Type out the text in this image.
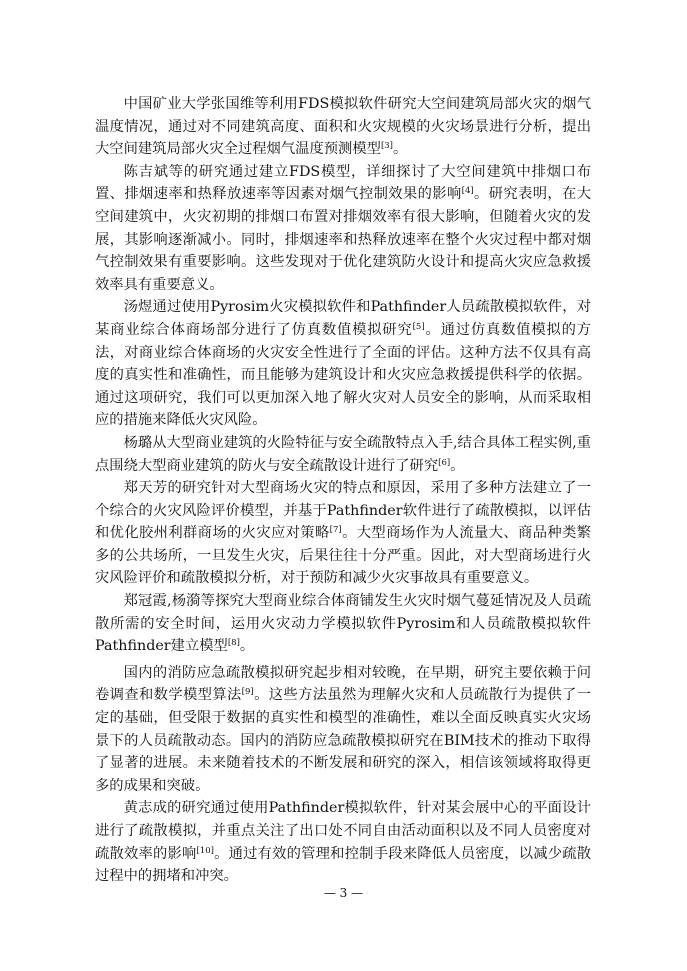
中国矿业大学张国维等利用FDS模拟软件研究大空间建筑局部火灾的烟气温度情况，通过对不同建筑高度、面积和火灾规模的火灾场景进行分析，提出大空间建筑局部火灾全过程烟气温度预测模型[3]。

陈吉斌等的研究通过建立FDS模型，详细探讨了大空间建筑中排烟口布置、排烟速率和热释放速率等因素对烟气控制效果的影响[4]。研究表明，在大空间建筑中，火灾初期的排烟口布置对排烟效率有很大影响，但随着火灾的发展，其影响逐渐减小。同时，排烟速率和热释放速率在整个火灾过程中都对烟气控制效果有重要影响。这些发现对于优化建筑防火设计和提高火灾应急救援效率具有重要意义。

汤煜通过使用Pyrosim火灾模拟软件和Pathfinder人员疏散模拟软件，对某商业综合体商场部分进行了仿真数值模拟研究[5]。通过仿真数值模拟的方法，对商业综合体商场的火灾安全性进行了全面的评估。这种方法不仅具有高度的真实性和准确性，而且能够为建筑设计和火灾应急救援提供科学的依据。通过这项研究，我们可以更加深入地了解火灾对人员安全的影响，从而采取相应的措施来降低火灾风险。

杨璐从大型商业建筑的火险特征与安全疏散特点入手,结合具体工程实例,重点围绕大型商业建筑的防火与安全疏散设计进行了研究[6]。

郑天芳的研究针对大型商场火灾的特点和原因，采用了多种方法建立了一个综合的火灾风险评价模型，并基于Pathfinder软件进行了疏散模拟，以评估和优化胶州利群商场的火灾应对策略[7]。大型商场作为人流量大、商品种类繁多的公共场所，一旦发生火灾，后果往往十分严重。因此，对大型商场进行火灾风险评价和疏散模拟分析，对于预防和减少火灾事故具有重要意义。

郑冠霞,杨漪等探究大型商业综合体商铺发生火灾时烟气蔓延情况及人员疏散所需的安全时间，运用火灾动力学模拟软件Pyrosim和人员疏散模拟软件Pathfinder建立模型[8]。

国内的消防应急疏散模拟研究起步相对较晚，在早期，研究主要依赖于问卷调查和数学模型算法[9]。这些方法虽然为理解火灾和人员疏散行为提供了一定的基础，但受限于数据的真实性和模型的准确性，难以全面反映真实火灾场景下的人员疏散动态。国内的消防应急疏散模拟研究在BIM技术的推动下取得了显著的进展。未来随着技术的不断发展和研究的深入，相信该领域将取得更多的成果和突破。

黄志成的研究通过使用Pathfinder模拟软件，针对某会展中心的平面设计进行了疏散模拟，并重点关注了出口处不同自由活动面积以及不同人员密度对疏散效率的影响[10]。通过有效的管理和控制手段来降低人员密度，以减少疏散过程中的拥堵和冲突。

— 3 —
